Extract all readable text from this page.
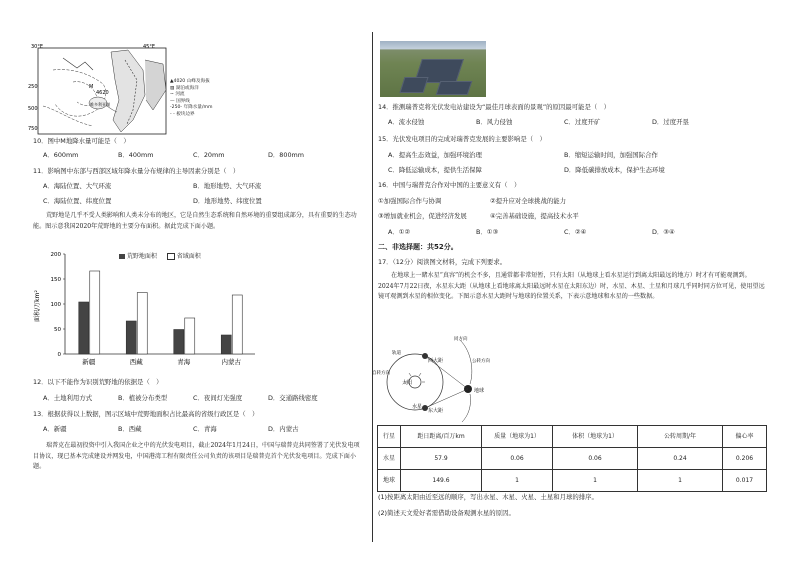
4620
维多利亚湖
M
30°E	45°E
250
500
750
▲4020 山峰及海拔
▨ 湖泊或海洋
~ 河流
— 国界线
-250- 年降水量/mm
- - 板块边界
10．图中M地降水量可能是（　）
A．600mm	B．400mm	C．20mm	D．800mm
11．影响图中东部与西部区域年降水量分布规律的主导因素分别是（　）
A．海陆位置、大气环流	B．地形地势、大气环流
C．海陆位置、纬度位置	D．地形地势、纬度位置
荒野地是几乎不受人类影响和人类未分布的地区，它是自然生态系统和自然环境的重要组成部分，具有重要的生态功能。图示意我国2020年荒野地的主要分布面积。据此完成下面小题。
0
50
100
150
200
新疆	西藏	青海	内蒙古
面积/万km²
荒野地面积	省域面积
12．以下不能作为识别荒野地的依据是（　）
A．土地利用方式	B．植被分布类型	C．夜间灯光强度	D．交通路线密度
13．根据获得以上数据，图示区域中荒野地面积占比最高的省级行政区是（　）
A．新疆	B．西藏	C．青海	D．内蒙古
瑞普克在最初投资中引入我国企业之中的光伏发电项目，截止2024年1月24日，中国与瑞普克共同签署了光伏发电项目协议，现已基本完成建设并网发电，中国港湾工程有限责任公司负责的该项目是瑞普克首个光伏发电项目。完成下面小题。
14．推测瑞普克将光伏发电站建设为“最佳月球表面的景观”的原因最可能是（　）
A．流水侵蚀	B．风力侵蚀	C．过度开矿	D．过度开垦
15．光伏发电项目的完成对瑞普克发展的主要影响是（　）
A．提高生态效益，加强环境治理	B．缩短运输时间，加强国际合作
C．降低运输成本，提供生活保障	D．降低碳排放成本，保护生态环境
16．中国与瑞普克合作对中国的主要意义有（　）
①加强国际合作与协调	②提升应对全球挑战的能力
③增加就业机会，促进经济发展	④完善基础设施，提高技术水平
A．①②	B．①③	C．②④	D．③④
二、非选择题：共52分。
17．（12分）阅读图文材料，完成下列要求。
在地球上一睹水星“真容”的机会不多，且通常都非常短暂，只有太阳（从地球上看水星运行到离太阳最远的地方）时才有可能观测到。2024年7月22日夜，水星东大距（从地球上看地球离太阳最远时水星在太阳东边）时，水星、木星、土星和月球几乎同时同方位可见，使用望远镜可观测到水星的相位变化。下图示意水星大距时与地球的位置关系，下表示意地球和水星的一些数据。
太阳
地球
西大距
东大距
水星
轨道
自转方向
同方向
公转方向
行星	距日距离/百万km	质量（地球为1）	体积（地球为1）	公转周期/年	偏心率
水星	57.9	0.06	0.06	0.24	0.206
地球	149.6	1	1	1	0.017
(1)按距离太阳由近至远的顺序，写出水星、木星、火星、土星和月球的排序。
(2)简述天文爱好者需借助设备观测水星的原因。
